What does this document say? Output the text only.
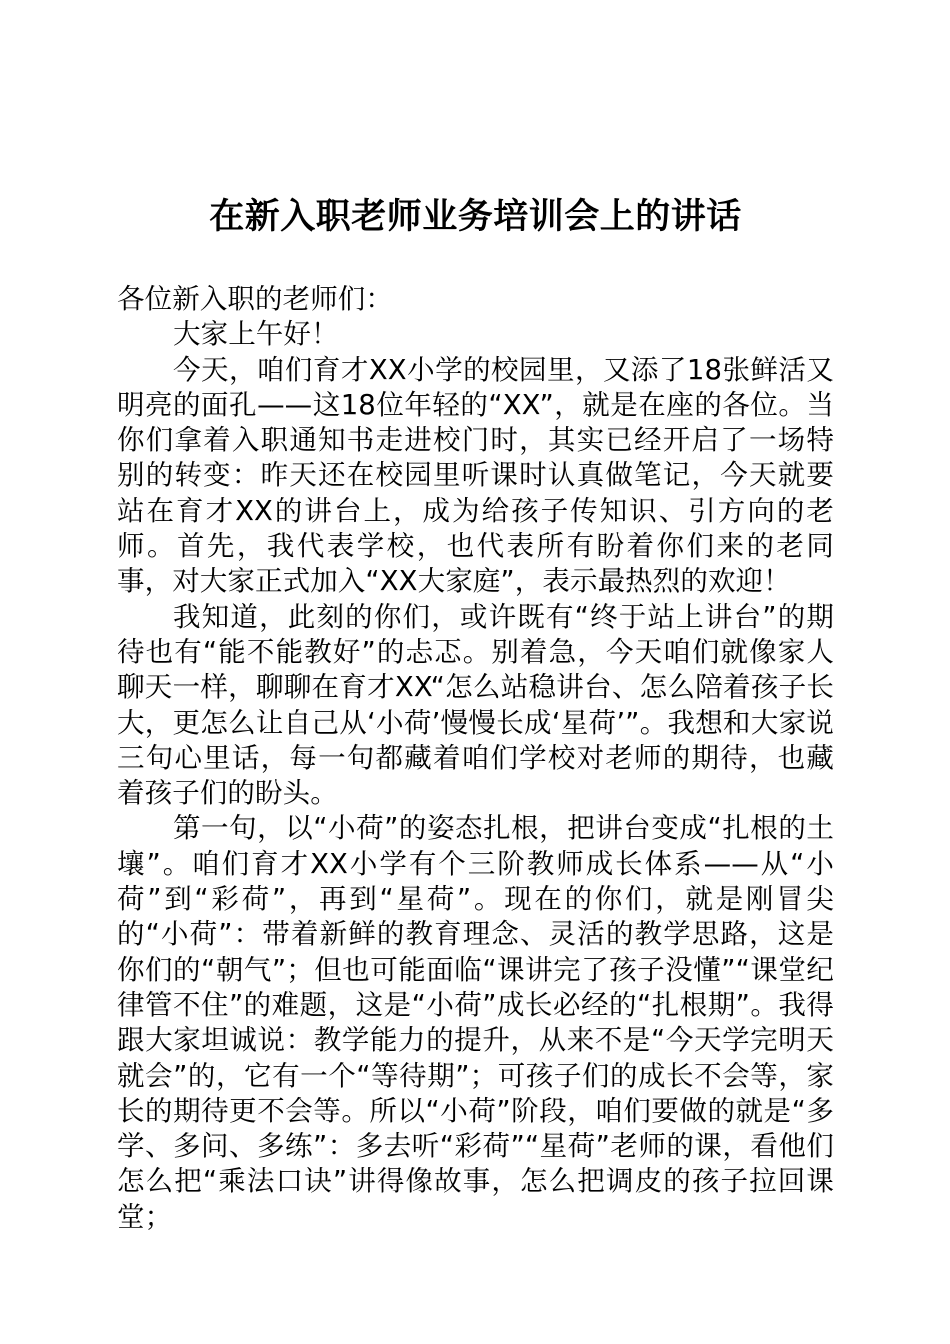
在新入职老师业务培训会上的讲话

各位新入职的老师们：

大家上午好！

今天，咱们育才XX小学的校园里，又添了18张鲜活又明亮的面孔——这18位年轻的“XX”，就是在座的各位。当你们拿着入职通知书走进校门时，其实已经开启了一场特别的转变：昨天还在校园里听课时认真做笔记，今天就要站在育才XX的讲台上，成为给孩子传知识、引方向的老师。首先，我代表学校，也代表所有盼着你们来的老同事，对大家正式加入“XX大家庭”，表示最热烈的欢迎！

我知道，此刻的你们，或许既有“终于站上讲台”的期待也有“能不能教好”的忐忑。别着急，今天咱们就像家人聊天一样，聊聊在育才XX“怎么站稳讲台、怎么陪着孩子长大，更怎么让自己从‘小荷’慢慢长成‘星荷’”。我想和大家说三句心里话，每一句都藏着咱们学校对老师的期待，也藏着孩子们的盼头。

第一句，以“小荷”的姿态扎根，把讲台变成“扎根的土壤”。咱们育才XX小学有个三阶教师成长体系——从“小荷”到“彩荷”，再到“星荷”。现在的你们，就是刚冒尖的“小荷”：带着新鲜的教育理念、灵活的教学思路，这是你们的“朝气”；但也可能面临“课讲完了孩子没懂”“课堂纪律管不住”的难题，这是“小荷”成长必经的“扎根期”。我得跟大家坦诚说：教学能力的提升，从来不是“今天学完明天就会”的，它有一个“等待期”；可孩子们的成长不会等，家长的期待更不会等。所以“小荷”阶段，咱们要做的就是“多学、多问、多练”：多去听“彩荷”“星荷”老师的课，看他们怎么把“乘法口诀”讲得像故事，怎么把调皮的孩子拉回课堂；
